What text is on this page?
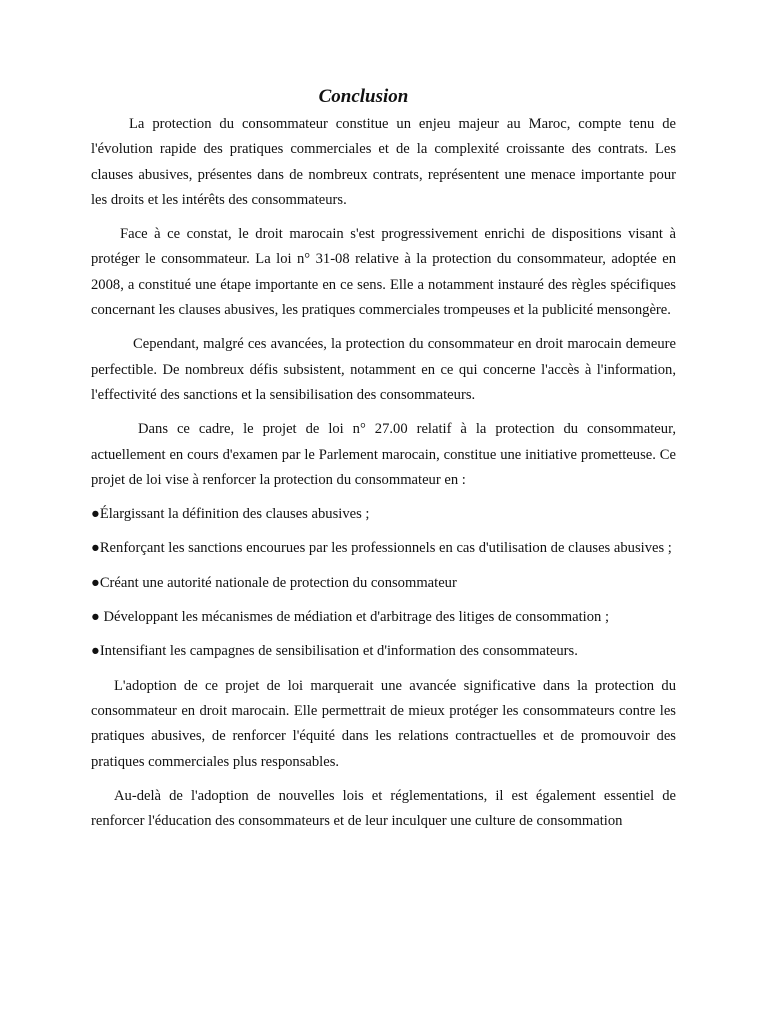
Conclusion

La protection du consommateur constitue un enjeu majeur au Maroc, compte tenu de l'évolution rapide des pratiques commerciales et de la complexité croissante des contrats. Les clauses abusives, présentes dans de nombreux contrats, représentent une menace importante pour les droits et les intérêts des consommateurs.

Face à ce constat, le droit marocain s'est progressivement enrichi de dispositions visant à protéger le consommateur. La loi n° 31-08 relative à la protection du consommateur, adoptée en 2008, a constitué une étape importante en ce sens. Elle a notamment instauré des règles spécifiques concernant les clauses abusives, les pratiques commerciales trompeuses et la publicité mensongère.

Cependant, malgré ces avancées, la protection du consommateur en droit marocain demeure perfectible. De nombreux défis subsistent, notamment en ce qui concerne l'accès à l'information, l'effectivité des sanctions et la sensibilisation des consommateurs.

Dans ce cadre, le projet de loi n° 27.00 relatif à la protection du consommateur, actuellement en cours d'examen par le Parlement marocain, constitue une initiative prometteuse. Ce projet de loi vise à renforcer la protection du consommateur en :

●Élargissant la définition des clauses abusives ;

●Renforçant les sanctions encourues par les professionnels en cas d'utilisation de clauses abusives ;

●Créant une autorité nationale de protection du consommateur

● Développant les mécanismes de médiation et d'arbitrage des litiges de consommation ;

●Intensifiant les campagnes de sensibilisation et d'information des consommateurs.

L'adoption de ce projet de loi marquerait une avancée significative dans la protection du consommateur en droit marocain. Elle permettrait de mieux protéger les consommateurs contre les pratiques abusives, de renforcer l'équité dans les relations contractuelles et de promouvoir des pratiques commerciales plus responsables.

Au-delà de l'adoption de nouvelles lois et réglementations, il est également essentiel de renforcer l'éducation des consommateurs et de leur inculquer une culture de consommation
